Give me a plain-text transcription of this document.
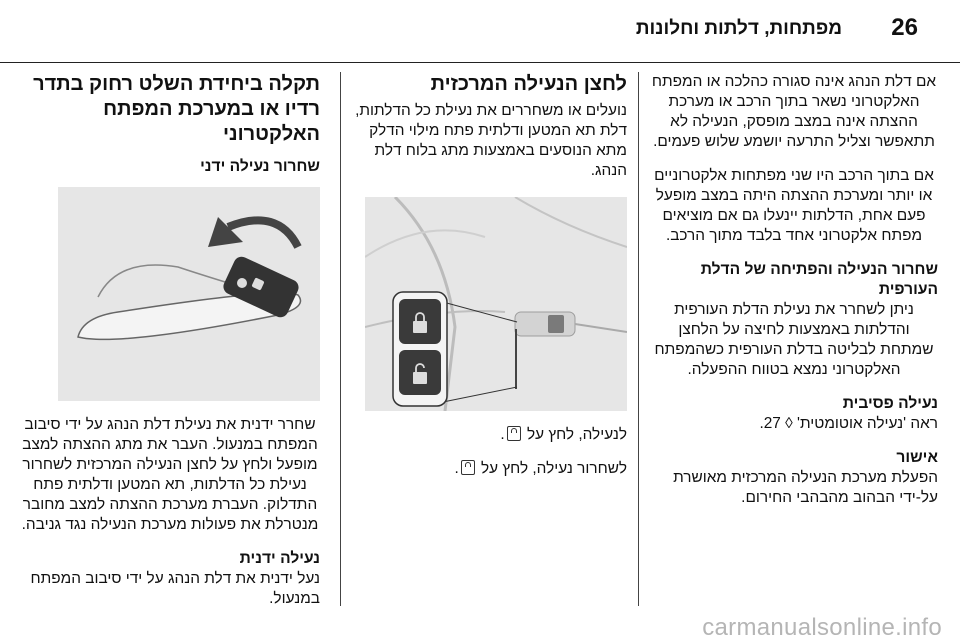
26
מפתחות, דלתות וחלונות

אם דלת הנהג אינה סגורה כהלכה או המפתח האלקטרוני נשאר בתוך הרכב או מערכת ההצתה אינה במצב מופסק, הנעילה לא תתאפשר וצליל התרעה יושמע שלוש פעמים.

אם בתוך הרכב היו שני מפתחות אלקטרוניים או יותר ומערכת ההצתה היתה במצב מופעל פעם אחת, הדלתות יינעלו גם אם מוציאים מפתח אלקטרוני אחד בלבד מתוך הרכב.

שחרור הנעילה והפתיחה של הדלת העורפית

ניתן לשחרר את נעילת הדלת העורפית והדלתות באמצעות לחיצה על הלחצן שמתחת לבליטה בדלת העורפית כשהמפתח האלקטרוני נמצא בטווח ההפעלה.

נעילה פסיבית

ראה 'נעילה אוטומטית' ◊ 27.

אישור

הפעלת מערכת הנעילה המרכזית מאושרת על-ידי הבהוב מהבהבי החירום.

לחצן הנעילה המרכזית

נועלים או משחררים את נעילת כל הדלתות, דלת תא המטען ודלתית פתח מילוי הדלק מתא הנוסעים באמצעות מתג בלוח דלת הנהג.

לנעילה, לחץ על .

לשחרור נעילה, לחץ על .

תקלה ביחידת השלט רחוק בתדר רדיו או במערכת המפתח האלקטרוני

שחרור נעילה ידני

שחרר ידנית את נעילת דלת הנהג על ידי סיבוב המפתח במנעול. העבר את מתג ההצתה למצב מופעל ולחץ על לחצן הנעילה המרכזית לשחרור נעילת כל הדלתות, תא המטען ודלתית פתח התדלוק. העברת מערכת ההצתה למצב מחובר מנטרלת את פעולות מערכת הנעילה נגד גניבה.

נעילה ידנית

נעל ידנית את דלת הנהג על ידי סיבוב המפתח במנעול.

carmanualsonline.info
